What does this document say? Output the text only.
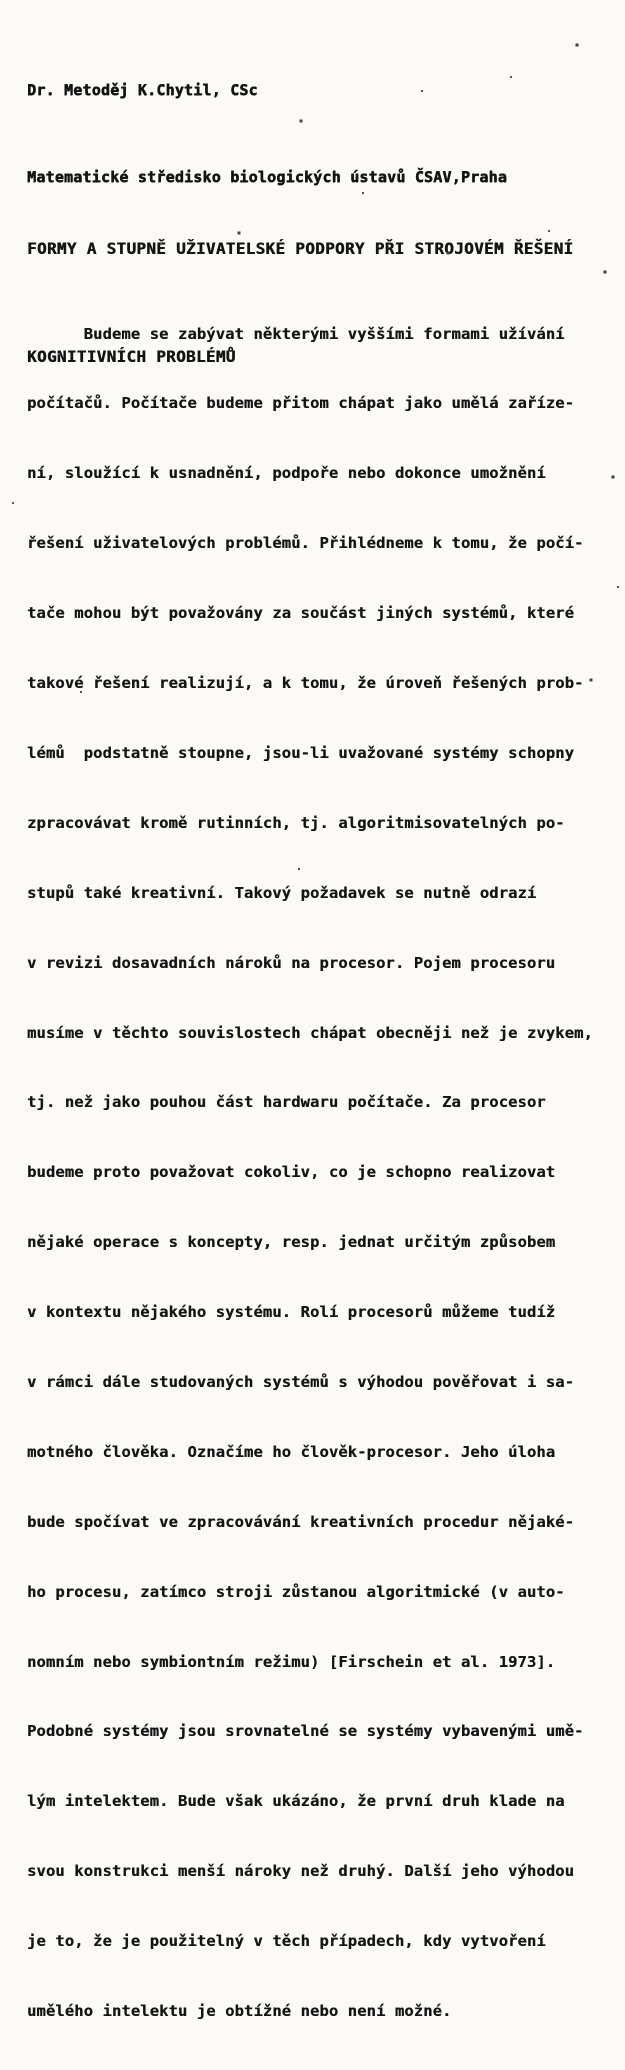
Dr. Metoděj K.Chytil, CSc

Matematické středisko biologických ústavů ČSAV,Praha

FORMY A STUPNĚ UŽIVATELSKÉ PODPORY PŘI STROJOVÉM ŘEŠENÍ

KOGNITIVNÍCH PROBLÉMŮ

Budeme se zabývat některými vyššími formami užívání

počítačů. Počítače budeme přitom chápat jako umělá zaříze-

ní, sloužící k usnadnění, podpoře nebo dokonce umožnění

řešení uživatelových problémů. Přihlédneme k tomu, že počí-

tače mohou být považovány za součást jiných systémů, které

takové řešení realizují, a k tomu, že úroveň řešených prob-

lémů  podstatně stoupne, jsou-li uvažované systémy schopny

zpracovávat kromě rutinních, tj. algoritmisovatelných po-

stupů také kreativní. Takový požadavek se nutně odrazí

v revizi dosavadních nároků na procesor. Pojem procesoru

musíme v těchto souvislostech chápat obecněji než je zvykem,

tj. než jako pouhou část hardwaru počítače. Za procesor

budeme proto považovat cokoliv, co je schopno realizovat

nějaké operace s koncepty, resp. jednat určitým způsobem

v kontextu nějakého systému. Rolí procesorů můžeme tudíž

v rámci dále studovaných systémů s výhodou pověřovat i sa-

motného člověka. Označíme ho člověk-procesor. Jeho úloha

bude spočívat ve zpracovávání kreativních procedur nějaké-

ho procesu, zatímco stroji zůstanou algoritmické (v auto-

nomním nebo symbiontním režimu) [Firschein et al. 1973].

Podobné systémy jsou srovnatelné se systémy vybavenými umě-

lým intelektem. Bude však ukázáno, že první druh klade na

svou konstrukci menší nároky než druhý. Další jeho výhodou

je to, že je použitelný v těch případech, kdy vytvoření

umělého intelektu je obtížné nebo není možné.
